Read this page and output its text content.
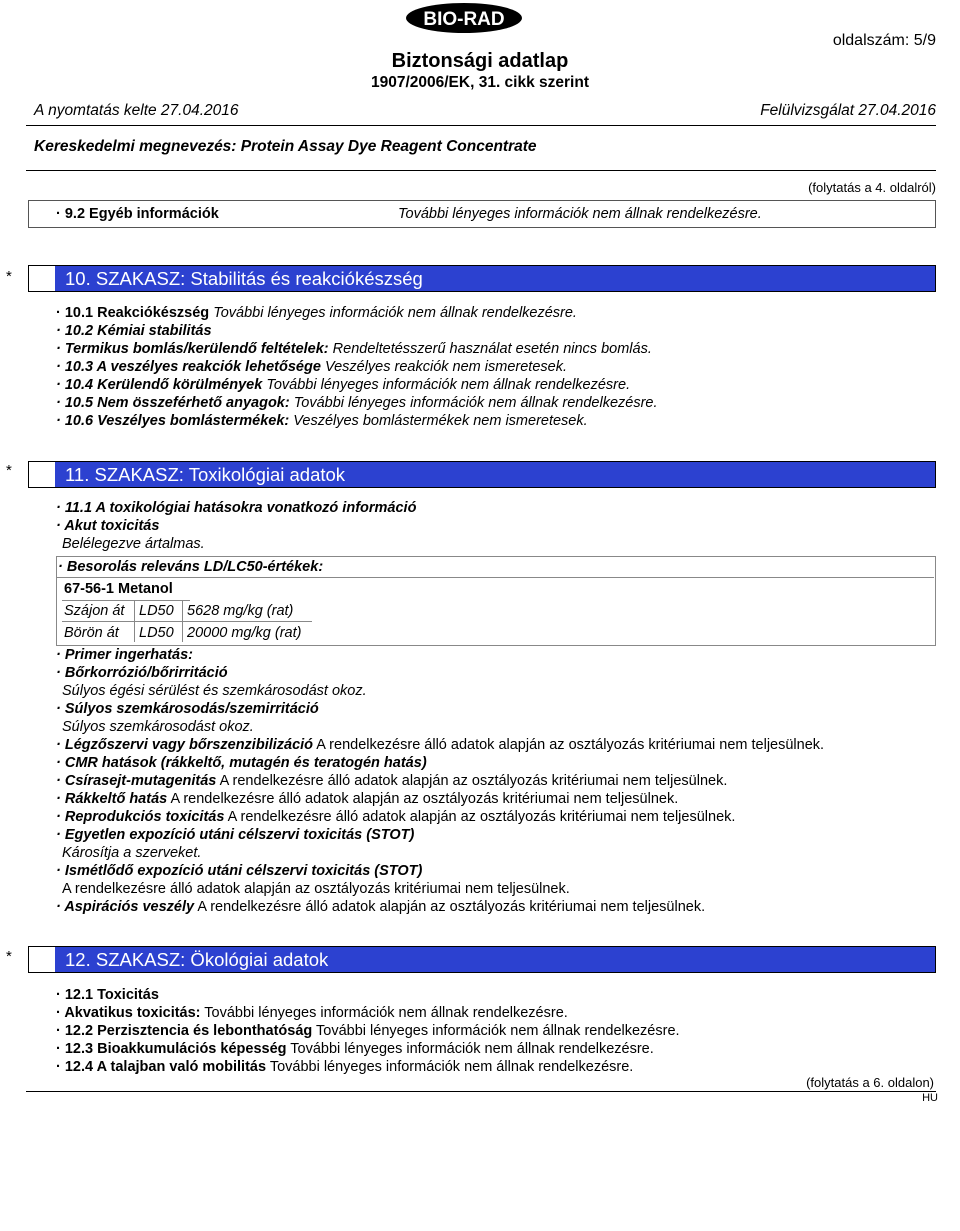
BIO-RAD
Biztonsági adatlap
1907/2006/EK, 31. cikk szerint
oldalszám: 5/9
A nyomtatás kelte 27.04.2016	Felülvizsgálat 27.04.2016
Kereskedelmi megnevezés: Protein Assay Dye Reagent Concentrate
(folytatás a 4. oldalról)
· 9.2 Egyéb információk	További lényeges információk nem állnak rendelkezésre.
*	10. SZAKASZ: Stabilitás és reakciókészség
· 10.1 Reakciókészség További lényeges információk nem állnak rendelkezésre.
· 10.2 Kémiai stabilitás
· Termikus bomlás/kerülendő feltételek: Rendeltetésszerű használat esetén nincs bomlás.
· 10.3 A veszélyes reakciók lehetősége Veszélyes reakciók nem ismeretesek.
· 10.4 Kerülendő körülmények További lényeges információk nem állnak rendelkezésre.
· 10.5 Nem összeférhető anyagok: További lényeges információk nem állnak rendelkezésre.
· 10.6 Veszélyes bomlástermékek: Veszélyes bomlástermékek nem ismeretesek.
*	11. SZAKASZ: Toxikológiai adatok
· 11.1 A toxikológiai hatásokra vonatkozó információ
· Akut toxicitás
Belélegezve ártalmas.
· Besorolás releváns LD/LC50-értékek:
67-56-1 Metanol
Szájon át LD50 5628 mg/kg (rat)
Börön át LD50 20000 mg/kg (rat)
· Primer ingerhatás:
· Bőrkorrózió/bőrirritáció
Súlyos égési sérülést és szemkárosodást okoz.
· Súlyos szemkárosodás/szemirritáció
Súlyos szemkárosodást okoz.
· Légzőszervi vagy bőrszenzibilizáció A rendelkezésre álló adatok alapján az osztályozás kritériumai nem teljesülnek.
· CMR hatások (rákkeltő, mutagén és teratogén hatás)
· Csírasejt-mutagenitás A rendelkezésre álló adatok alapján az osztályozás kritériumai nem teljesülnek.
· Rákkeltő hatás A rendelkezésre álló adatok alapján az osztályozás kritériumai nem teljesülnek.
· Reprodukciós toxicitás A rendelkezésre álló adatok alapján az osztályozás kritériumai nem teljesülnek.
· Egyetlen expozíció utáni célszervi toxicitás (STOT)
Károsítja a szerveket.
· Ismétlődő expozíció utáni célszervi toxicitás (STOT)
A rendelkezésre álló adatok alapján az osztályozás kritériumai nem teljesülnek.
· Aspirációs veszély A rendelkezésre álló adatok alapján az osztályozás kritériumai nem teljesülnek.
*	12. SZAKASZ: Ökológiai adatok
· 12.1 Toxicitás
· Akvatikus toxicitás: További lényeges információk nem állnak rendelkezésre.
· 12.2 Perzisztencia és lebonthatóság További lényeges információk nem állnak rendelkezésre.
· 12.3 Bioakkumulációs képesség További lényeges információk nem állnak rendelkezésre.
· 12.4 A talajban való mobilitás További lényeges információk nem állnak rendelkezésre.
(folytatás a 6. oldalon)
HU
